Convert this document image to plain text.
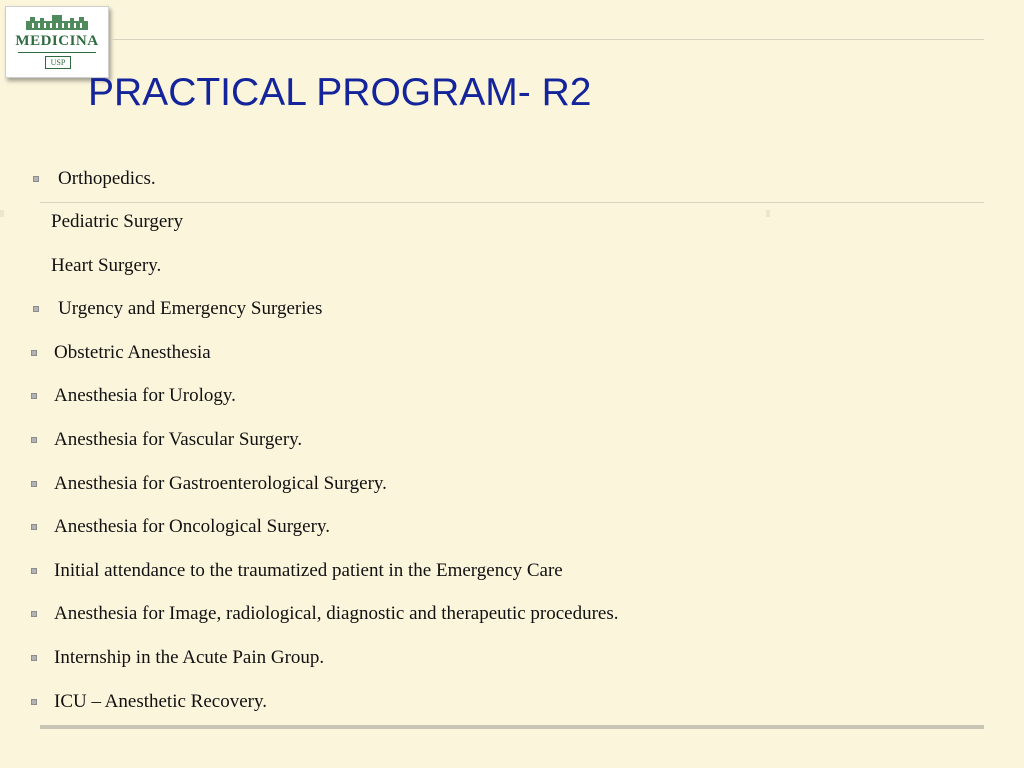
MEDICINA
USP
PRACTICAL PROGRAM- R2
Orthopedics.
Pediatric Surgery
Heart Surgery.
Urgency and Emergency Surgeries
Obstetric Anesthesia
Anesthesia for Urology.
Anesthesia for Vascular Surgery.
Anesthesia for Gastroenterological Surgery.
Anesthesia for Oncological Surgery.
Initial attendance to the traumatized patient in the Emergency Care
Anesthesia for Image, radiological, diagnostic and therapeutic procedures.
Internship in the Acute Pain Group.
ICU – Anesthetic Recovery.
